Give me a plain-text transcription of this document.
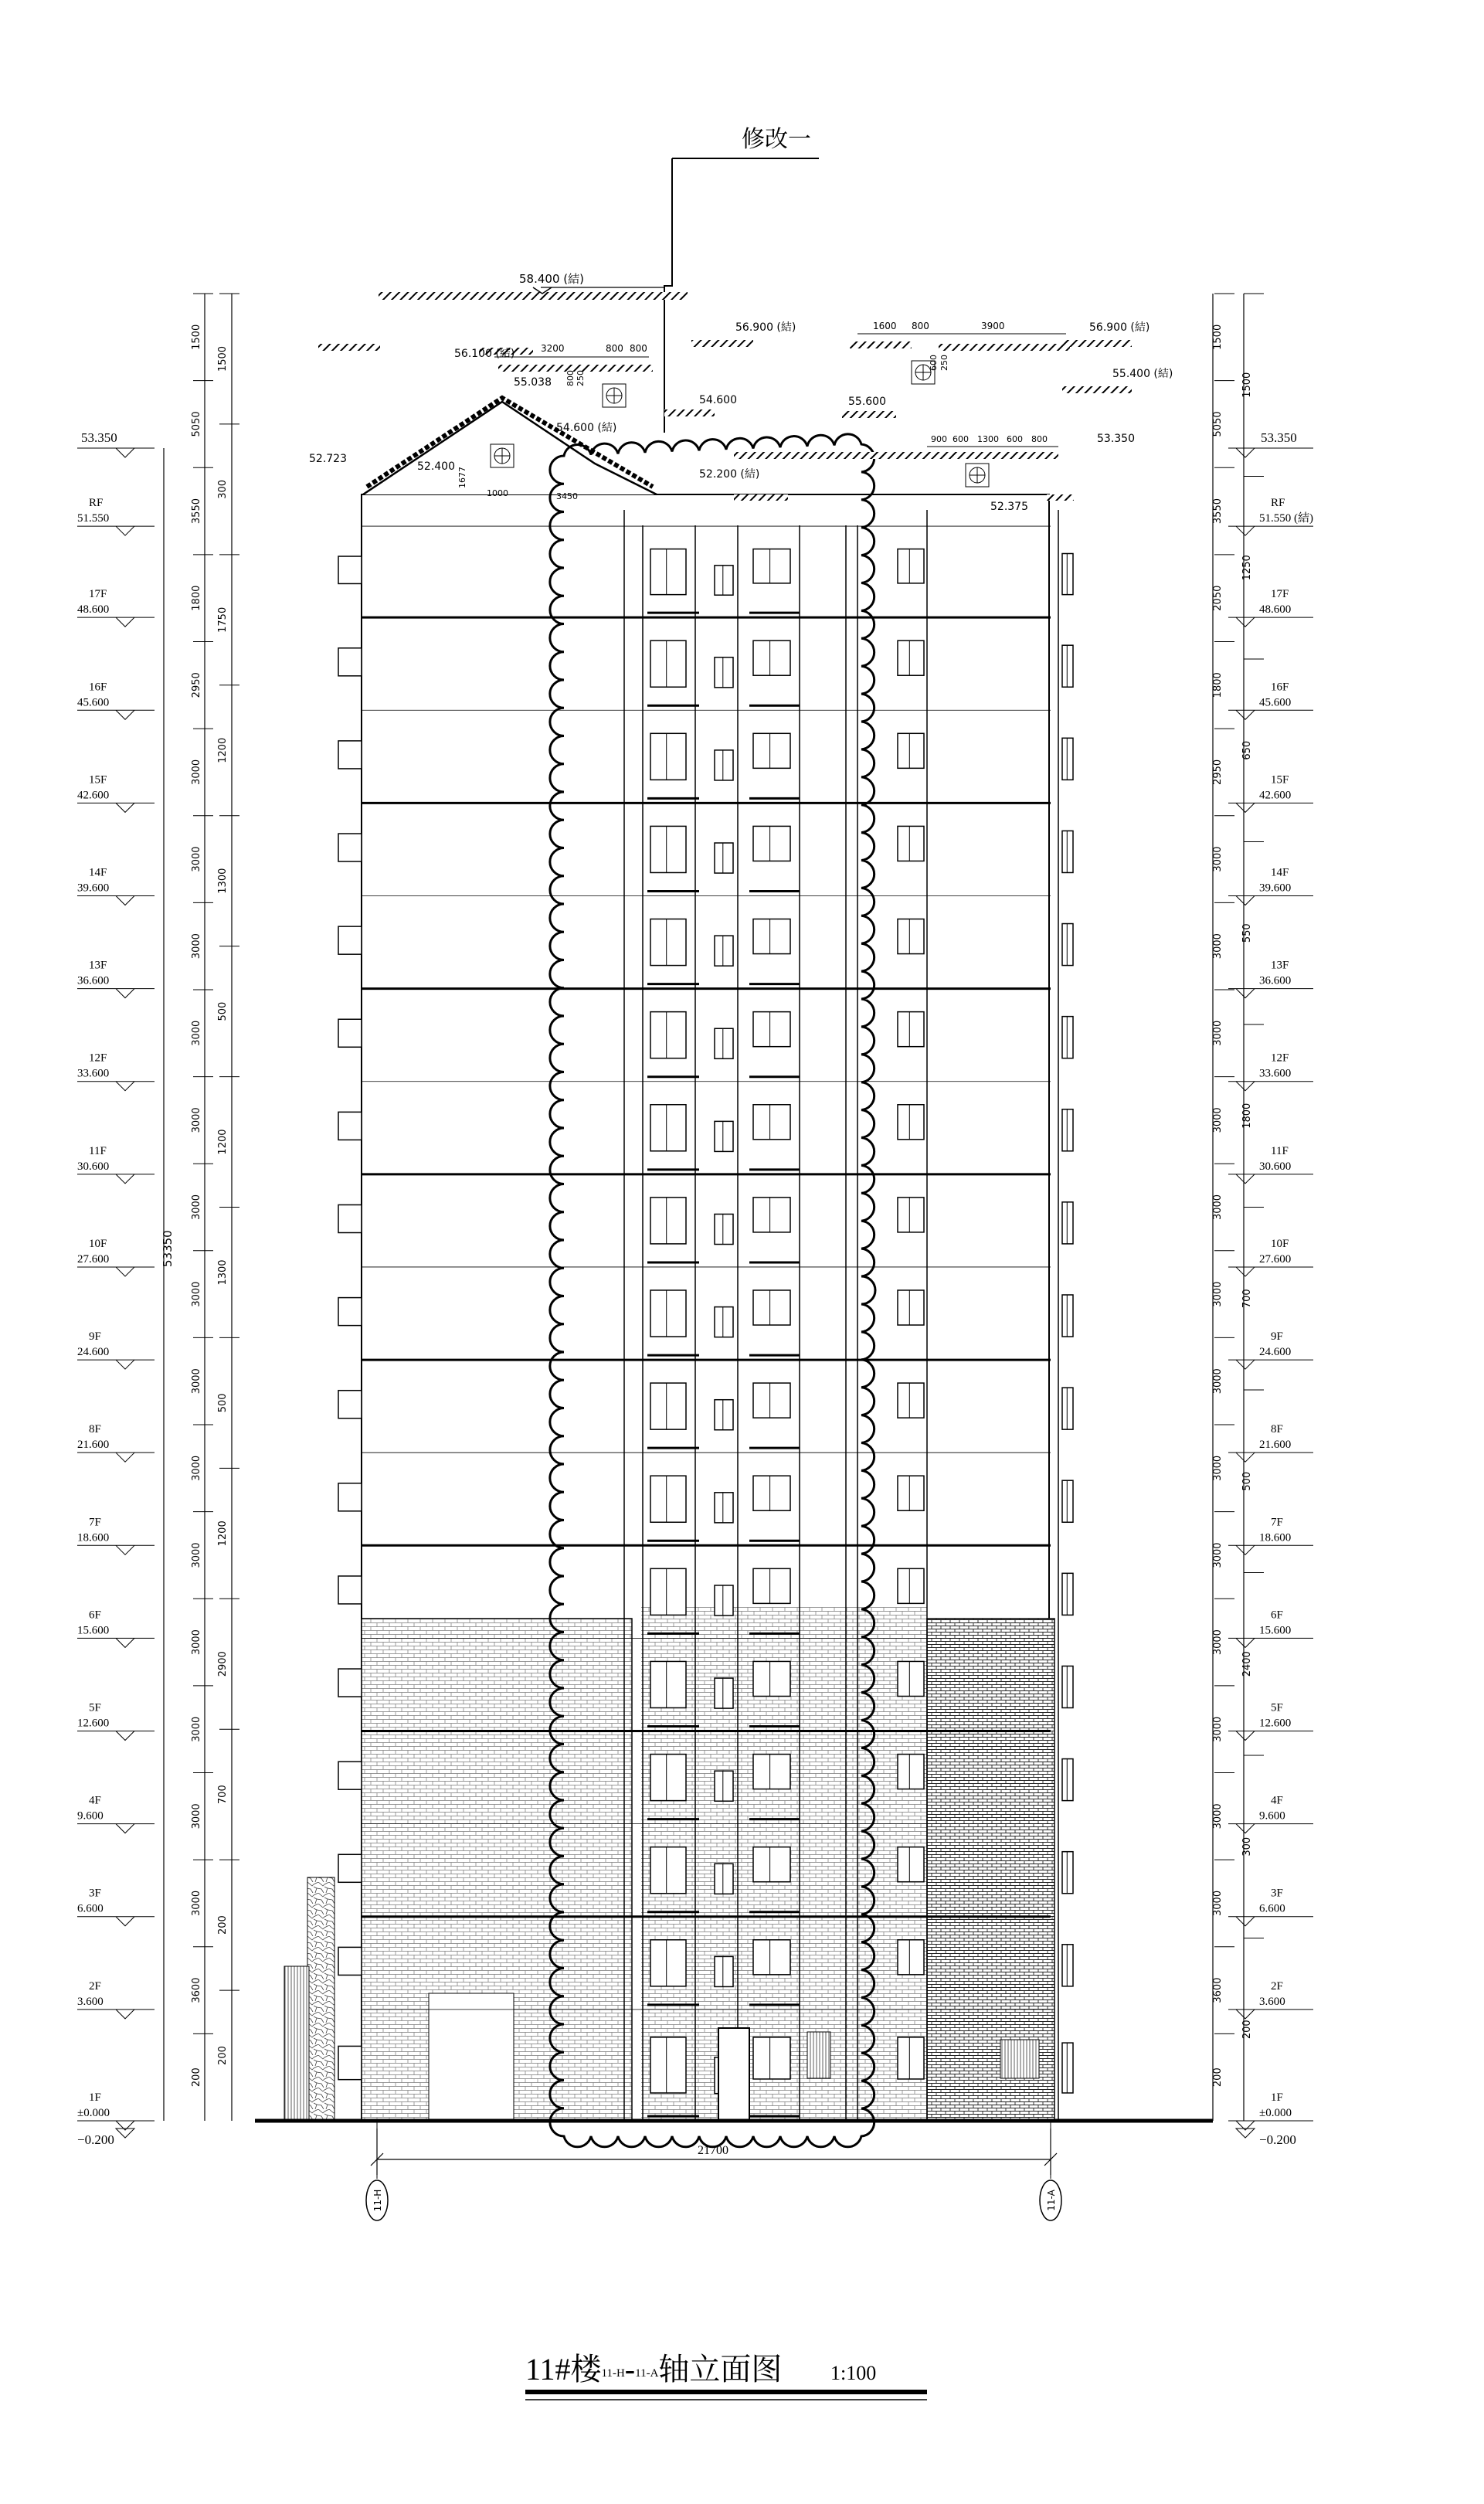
修改一
58.400 (結)
56.100 (結)
56.900 (結)
55.038
54.600 (結)
54.600
56.900 (結)
55.400 (結)
55.600
53.350
52.723
52.400
52.200 (結)
52.375
3200	800 800
1600 800	3900
900 600 1300 600 800
1000	3450
800 250
1677
600 250
1500
5050
3550
1800
2950
3000
3000
3000
3000
3000
3000
3000
3000
3000
3000
3000
3000
3000
3000
3600
200
1500
300
1750
1200
1300
500
1200
1300
500
1200
2900
700
200
200
53350
1500
5050
3550
2050
1800
2950
3000
3000
3000
3000
3000
3000
3000
3000
3000
3000
3000
3000
3000
3600
200
1500
1250
650
550
1800
700
500
2400
300
200
RF
51.550
17F
48.600
16F
45.600
15F
42.600
14F
39.600
13F
36.600
12F
33.600
11F
30.600
10F
27.600
9F
24.600
8F
21.600
7F
18.600
6F
15.600
5F
12.600
4F
9.600
3F
6.600
2F
3.600
1F
±0.000
RF
51.550 (結)
17F
48.600
16F
45.600
15F
42.600
14F
39.600
13F
36.600
12F
33.600
11F
30.600
10F
27.600
9F
24.600
8F
21.600
7F
18.600
6F
15.600
5F
12.600
4F
9.600
3F
6.600
2F
3.600
1F
±0.000
53.350	53.350
−0.200	−0.200
21700
11-H	11-A
11#楼11-H-11-A轴立面图 1:100
